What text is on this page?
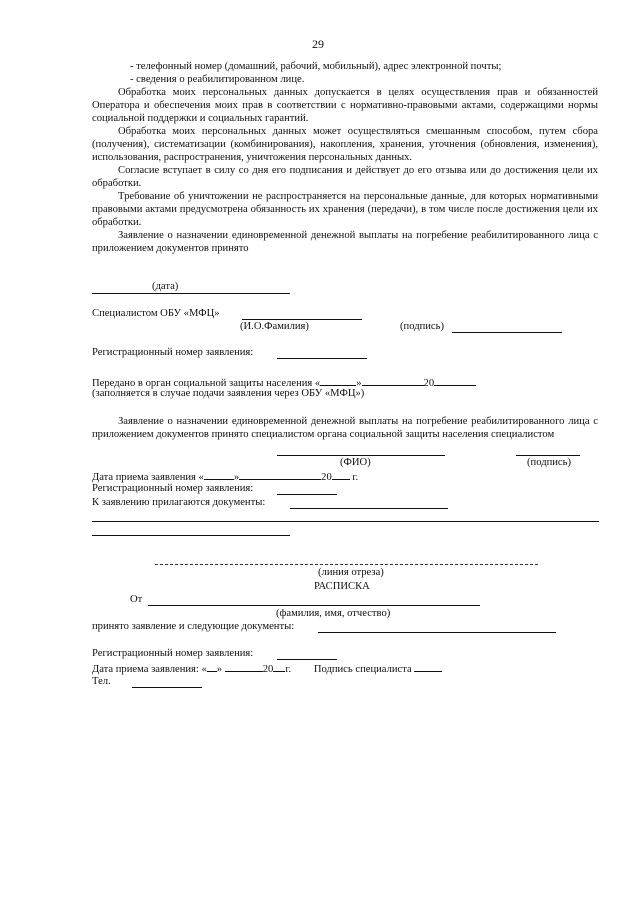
29

- телефонный номер (домашний, рабочий, мобильный), адрес электронной почты;

- сведения о реабилитированном лице.

Обработка моих персональных данных допускается в целях осуществления прав и обязанностей Оператора и обеспечения моих прав в соответствии с нормативно-правовыми актами, содержащими нормы социальной поддержки и социальных гарантий.

Обработка моих персональных данных может осуществляться смешанным способом, путем сбора (получения), систематизации (комбинирования), накопления, хранения, уточнения (обновления, изменения), использования, распространения, уничтожения персональных данных.

Согласие вступает в силу со дня его подписания и действует до его отзыва или до достижения цели их обработки.

Требование об уничтожении не распространяется на персональные данные, для которых нормативными правовыми актами предусмотрена обязанность их хранения (передачи), в том числе после достижения цели их обработки.

Заявление о назначении единовременной денежной выплаты на погребение реабилитированного лица с приложением документов принято

(дата)
Специалистом ОБУ «МФЦ»
(И.О.Фамилия)	(подпись)
Регистрационный номер заявления:
Передано в орган социальной защиты населения «	»	20
(заполняется в случае подачи заявления через ОБУ «МФЦ»)

Заявление о назначении единовременной денежной выплаты на погребение реабилитированного лица с приложением документов принято специалистом органа социальной защиты населения специалистом

(ФИО)	(подпись)
Дата приема заявления «	»	20 г.
Регистрационный номер заявления:
К заявлению прилагаются документы:
(линия отреза)
РАСПИСКА
От
(фамилия, имя, отчество)
принято заявление и следующие документы:
Регистрационный номер заявления:
Дата приема заявления: « »	20 г. Подпись специалиста
Тел.
